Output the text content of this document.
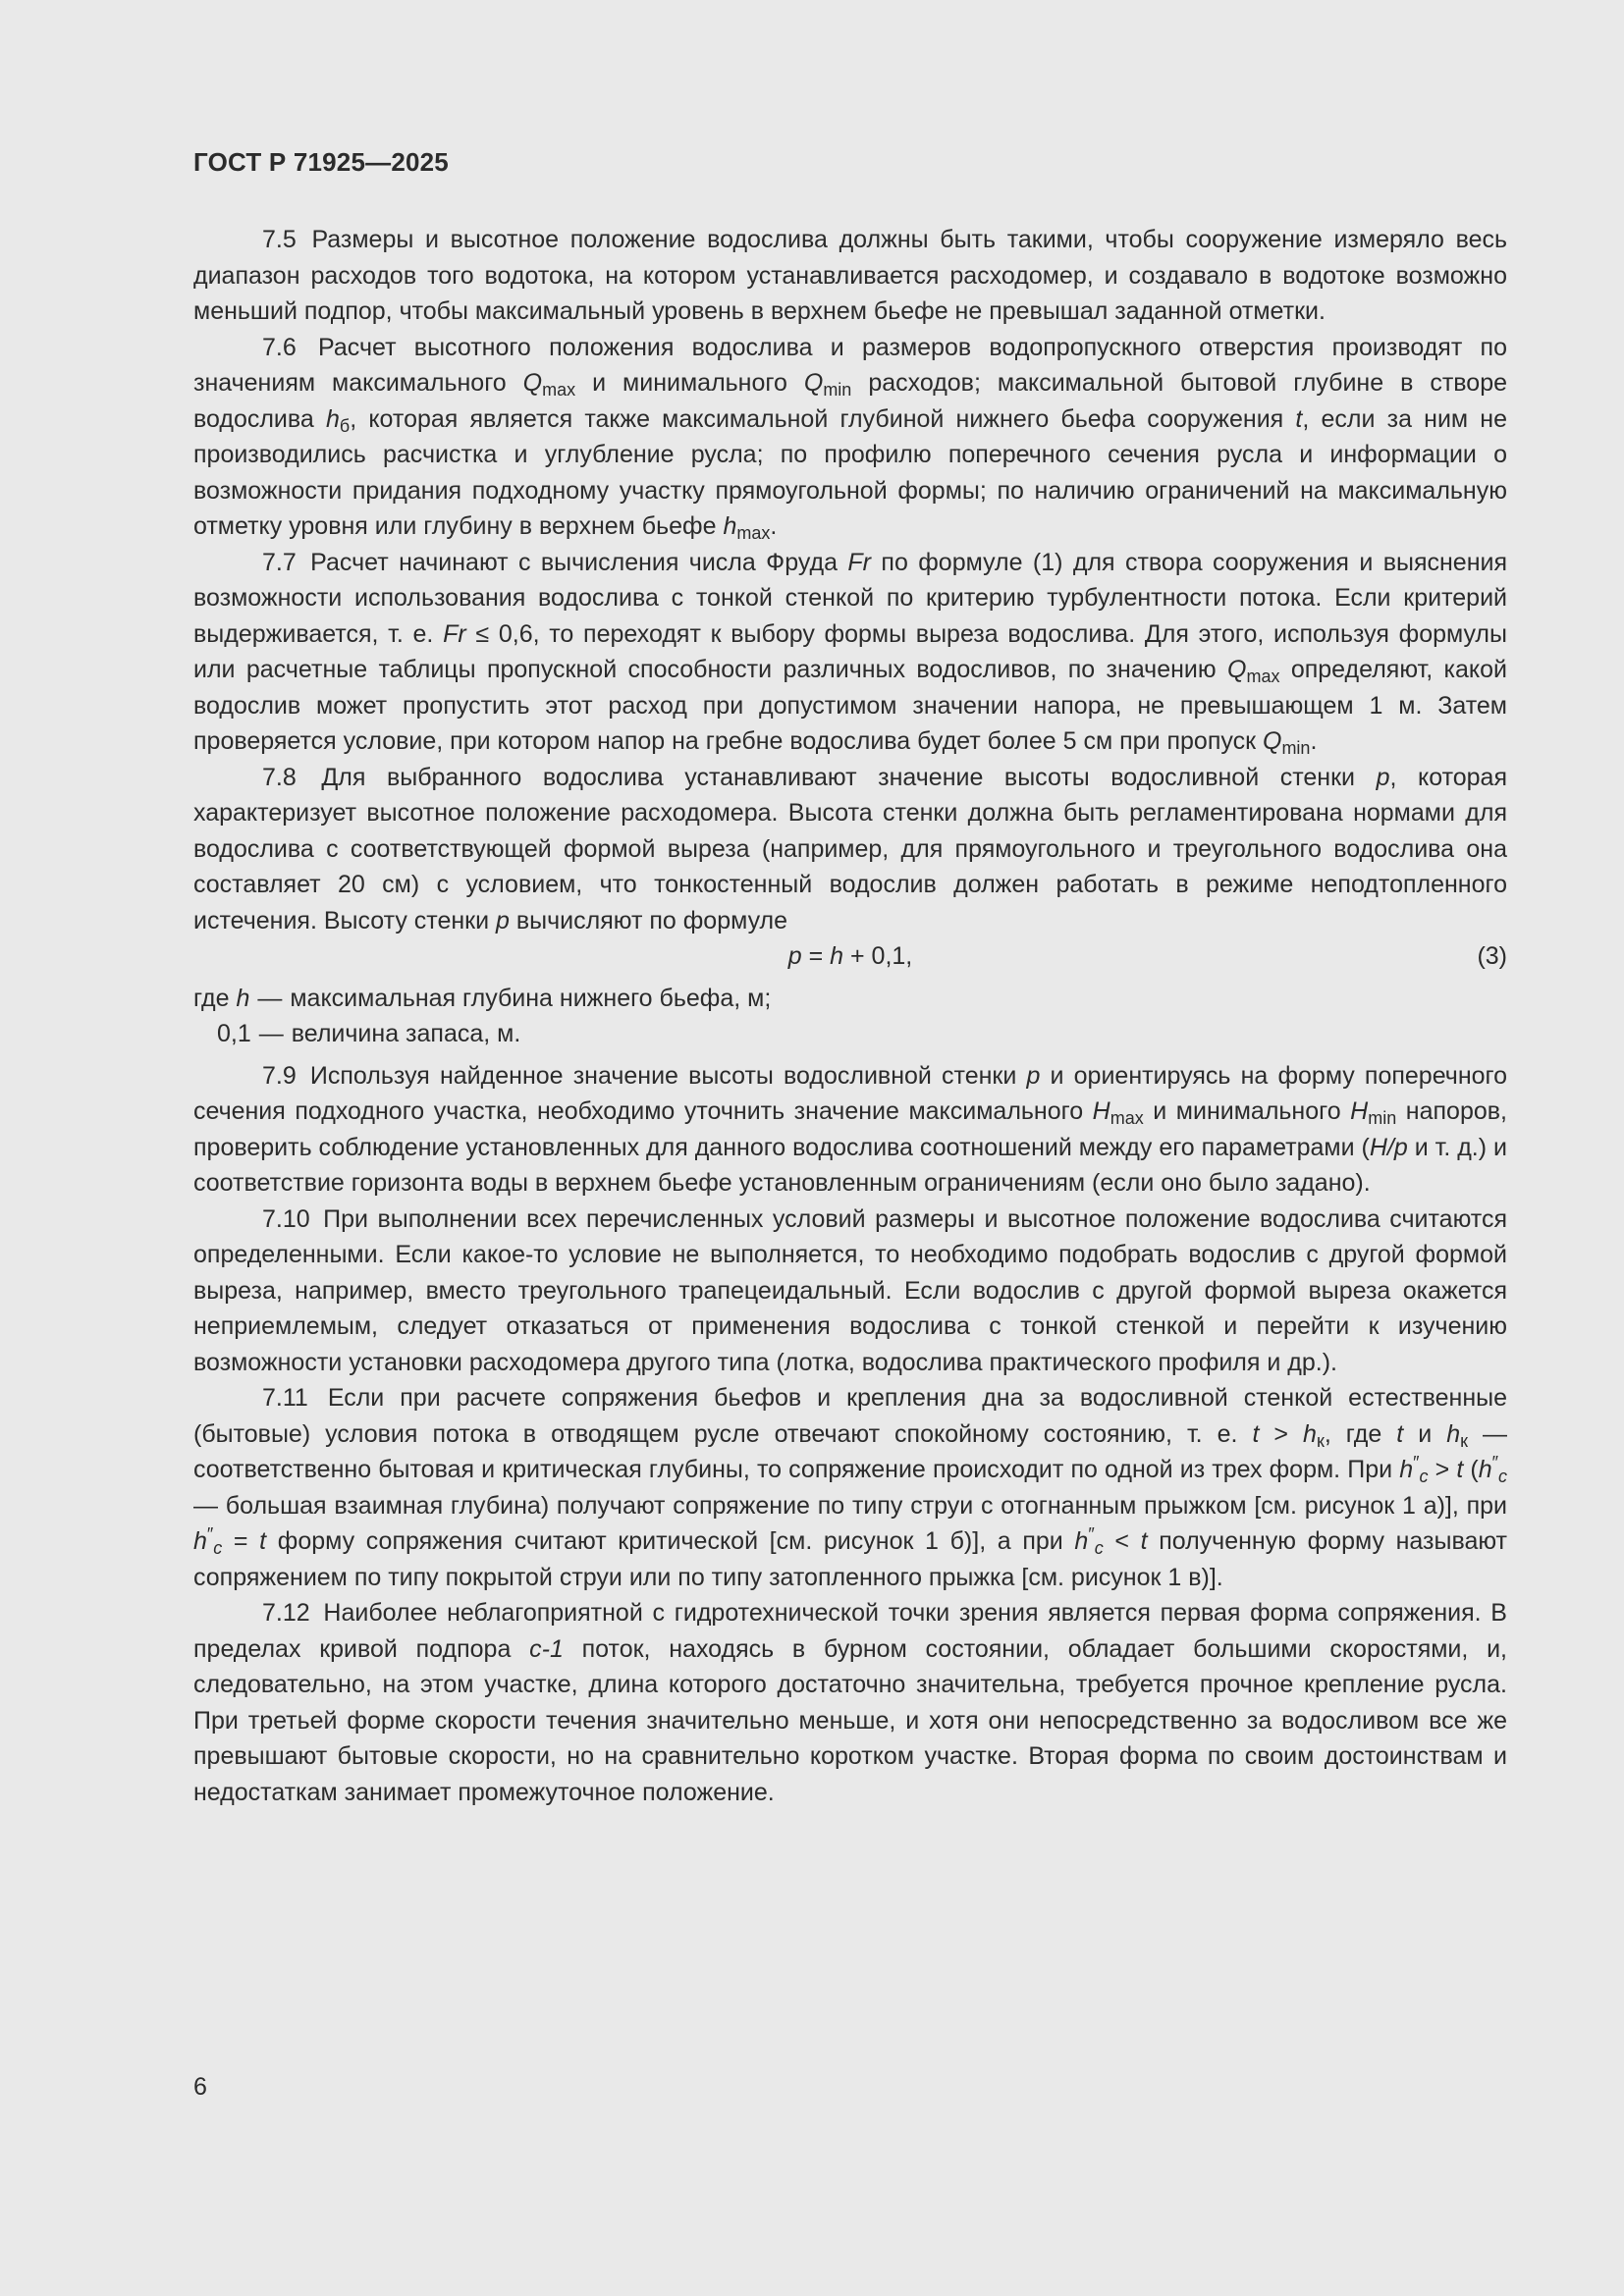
ГОСТ Р 71925—2025

7.5 Размеры и высотное положение водослива должны быть такими, чтобы сооружение измеряло весь диапазон расходов того водотока, на котором устанавливается расходомер, и создавало в водотоке возможно меньший подпор, чтобы максимальный уровень в верхнем бьефе не превышал заданной отметки.

7.6 Расчет высотного положения водослива и размеров водопропускного отверстия производят по значениям максимального $Q_{max}$ и минимального $Q_{min}$ расходов; максимальной бытовой глубине в створе водослива $h_б$, которая является также максимальной глубиной нижнего бьефа сооружения t, если за ним не производились расчистка и углубление русла; по профилю поперечного сечения русла и информации о возможности придания подходному участку прямоугольной формы; по наличию ограничений на максимальную отметку уровня или глубину в верхнем бьефе $h_{max}$.

7.7 Расчет начинают с вычисления числа Фруда Fr по формуле (1) для створа сооружения и выяснения возможности использования водослива с тонкой стенкой по критерию турбулентности потока. Если критерий выдерживается, т. е. Fr ≤ 0,6, то переходят к выбору формы выреза водослива. Для этого, используя формулы или расчетные таблицы пропускной способности различных водосливов, по значению $Q_{max}$ определяют, какой водослив может пропустить этот расход при допустимом значении напора, не превышающем 1 м. Затем проверяется условие, при котором напор на гребне водослива будет более 5 см при пропуск $Q_{min}$.

7.8 Для выбранного водослива устанавливают значение высоты водосливной стенки p, которая характеризует высотное положение расходомера. Высота стенки должна быть регламентирована нормами для водослива с соответствующей формой выреза (например, для прямоугольного и треугольного водослива она составляет 20 см) с условием, что тонкостенный водослив должен работать в режиме неподтопленного истечения. Высоту стенки p вычисляют по формуле

p = h + 0,1,	(3)
где h — максимальная глубина нижнего бьефа, м;
0,1 — величина запаса, м.

7.9 Используя найденное значение высоты водосливной стенки p и ориентируясь на форму поперечного сечения подходного участка, необходимо уточнить значение максимального $H_{max}$ и минимального $H_{min}$ напоров, проверить соблюдение установленных для данного водослива соотношений между его параметрами (H/p и т. д.) и соответствие горизонта воды в верхнем бьефе установленным ограничениям (если оно было задано).

7.10 При выполнении всех перечисленных условий размеры и высотное положение водослива считаются определенными. Если какое-то условие не выполняется, то необходимо подобрать водослив с другой формой выреза, например, вместо треугольного трапецеидальный. Если водослив с другой формой выреза окажется неприемлемым, следует отказаться от применения водослива с тонкой стенкой и перейти к изучению возможности установки расходомера другого типа (лотка, водослива практического профиля и др.).

7.11 Если при расчете сопряжения бьефов и крепления дна за водосливной стенкой естественные (бытовые) условия потока в отводящем русле отвечают спокойному состоянию, т. е. $t > h_к$, где t и $h_к$ — соответственно бытовая и критическая глубины, то сопряжение происходит по одной из трех форм. При $h''_с > t$ ($h''_с$ — большая взаимная глубина) получают сопряжение по типу струи с отогнанным прыжком [см. рисунок 1 а)], при $h''_с = t$ форму сопряжения считают критической [см. рисунок 1 б)], а при $h''_с < t$ полученную форму называют сопряжением по типу покрытой струи или по типу затопленного прыжка [см. рисунок 1 в)].

7.12 Наиболее неблагоприятной с гидротехнической точки зрения является первая форма сопряжения. В пределах кривой подпора с-1 поток, находясь в бурном состоянии, обладает большими скоростями, и, следовательно, на этом участке, длина которого достаточно значительна, требуется прочное крепление русла. При третьей форме скорости течения значительно меньше, и хотя они непосредственно за водосливом все же превышают бытовые скорости, но на сравнительно коротком участке. Вторая форма по своим достоинствам и недостаткам занимает промежуточное положение.

6
